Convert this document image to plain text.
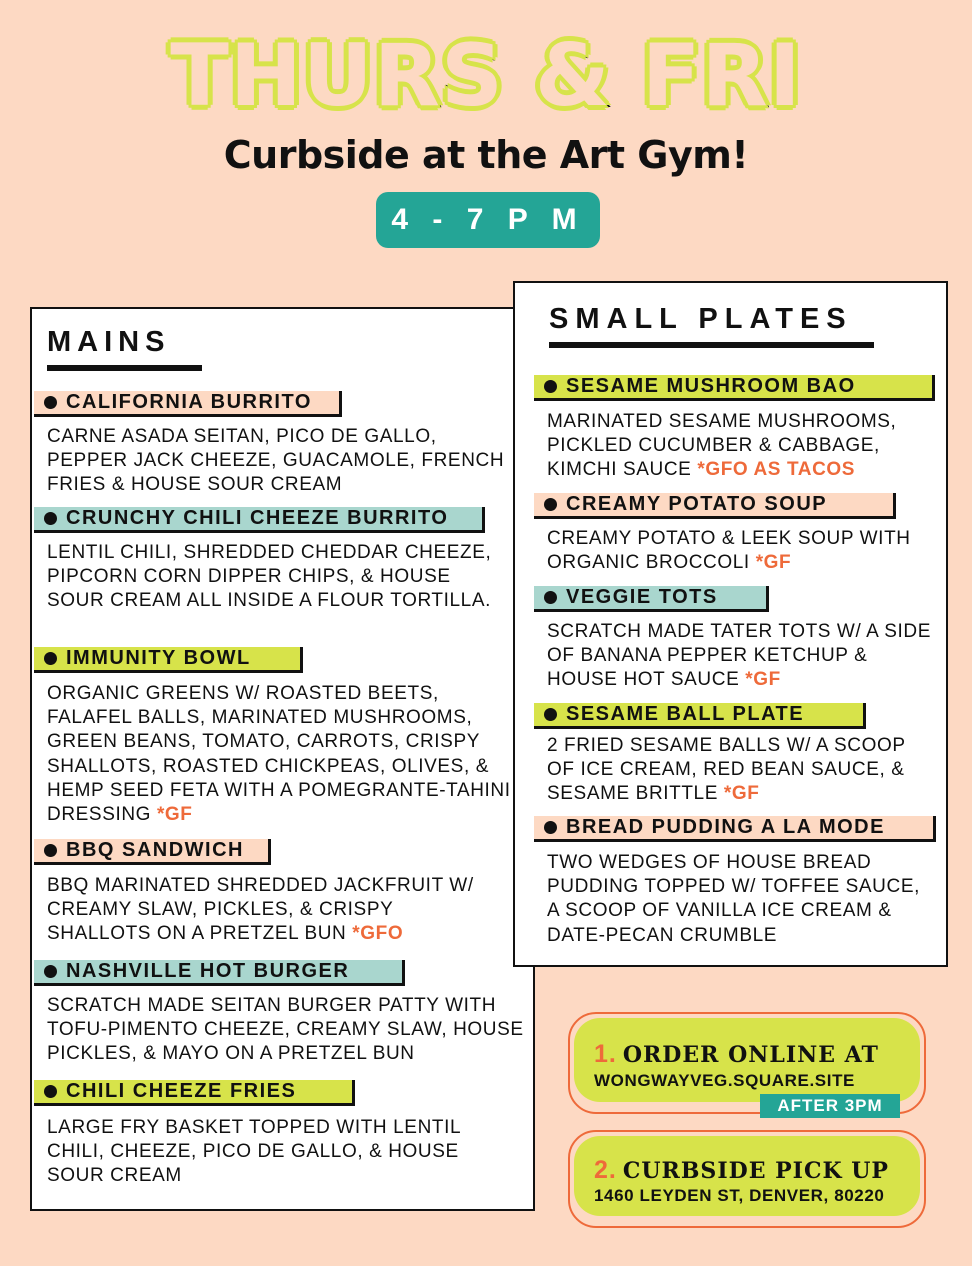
THURS & FRI
Curbside at the Art Gym!
4 - 7 P M
MAINS
CALIFORNIA BURRITO
CARNE ASADA SEITAN, PICO DE GALLO, PEPPER JACK CHEEZE, GUACAMOLE, FRENCH FRIES & HOUSE SOUR CREAM
CRUNCHY CHILI CHEEZE BURRITO
LENTIL CHILI, SHREDDED CHEDDAR CHEEZE, PIPCORN CORN DIPPER CHIPS, & HOUSE SOUR CREAM ALL INSIDE A FLOUR TORTILLA.
IMMUNITY BOWL
ORGANIC GREENS W/ ROASTED BEETS, FALAFEL BALLS, MARINATED MUSHROOMS, GREEN BEANS, TOMATO, CARROTS, CRISPY SHALLOTS, ROASTED CHICKPEAS, OLIVES, & HEMP SEED FETA WITH A POMEGRANTE-TAHINI DRESSING *GF
BBQ SANDWICH
BBQ MARINATED SHREDDED JACKFRUIT W/ CREAMY SLAW, PICKLES, & CRISPY SHALLOTS ON A PRETZEL BUN *GFO
NASHVILLE HOT BURGER
SCRATCH MADE SEITAN BURGER PATTY WITH TOFU-PIMENTO CHEEZE, CREAMY SLAW, HOUSE PICKLES, & MAYO ON A PRETZEL BUN
CHILI CHEEZE FRIES
LARGE FRY BASKET TOPPED WITH LENTIL CHILI, CHEEZE, PICO DE GALLO, & HOUSE SOUR CREAM
SMALL PLATES
SESAME MUSHROOM BAO
MARINATED SESAME MUSHROOMS, PICKLED CUCUMBER & CABBAGE, KIMCHI SAUCE *GFO AS TACOS
CREAMY POTATO SOUP
CREAMY POTATO & LEEK SOUP WITH ORGANIC BROCCOLI *GF
VEGGIE TOTS
SCRATCH MADE TATER TOTS W/ A SIDE OF BANANA PEPPER KETCHUP & HOUSE HOT SAUCE *GF
SESAME BALL PLATE
2 FRIED SESAME BALLS W/ A SCOOP OF ICE CREAM, RED BEAN SAUCE, & SESAME BRITTLE *GF
BREAD PUDDING A LA MODE
TWO WEDGES OF HOUSE BREAD PUDDING TOPPED W/ TOFFEE SAUCE, A SCOOP OF VANILLA ICE CREAM & DATE-PECAN CRUMBLE
1. ORDER ONLINE AT
WONGWAYVEG.SQUARE.SITE
AFTER 3PM
2. CURBSIDE PICK UP
1460 LEYDEN ST, DENVER, 80220
